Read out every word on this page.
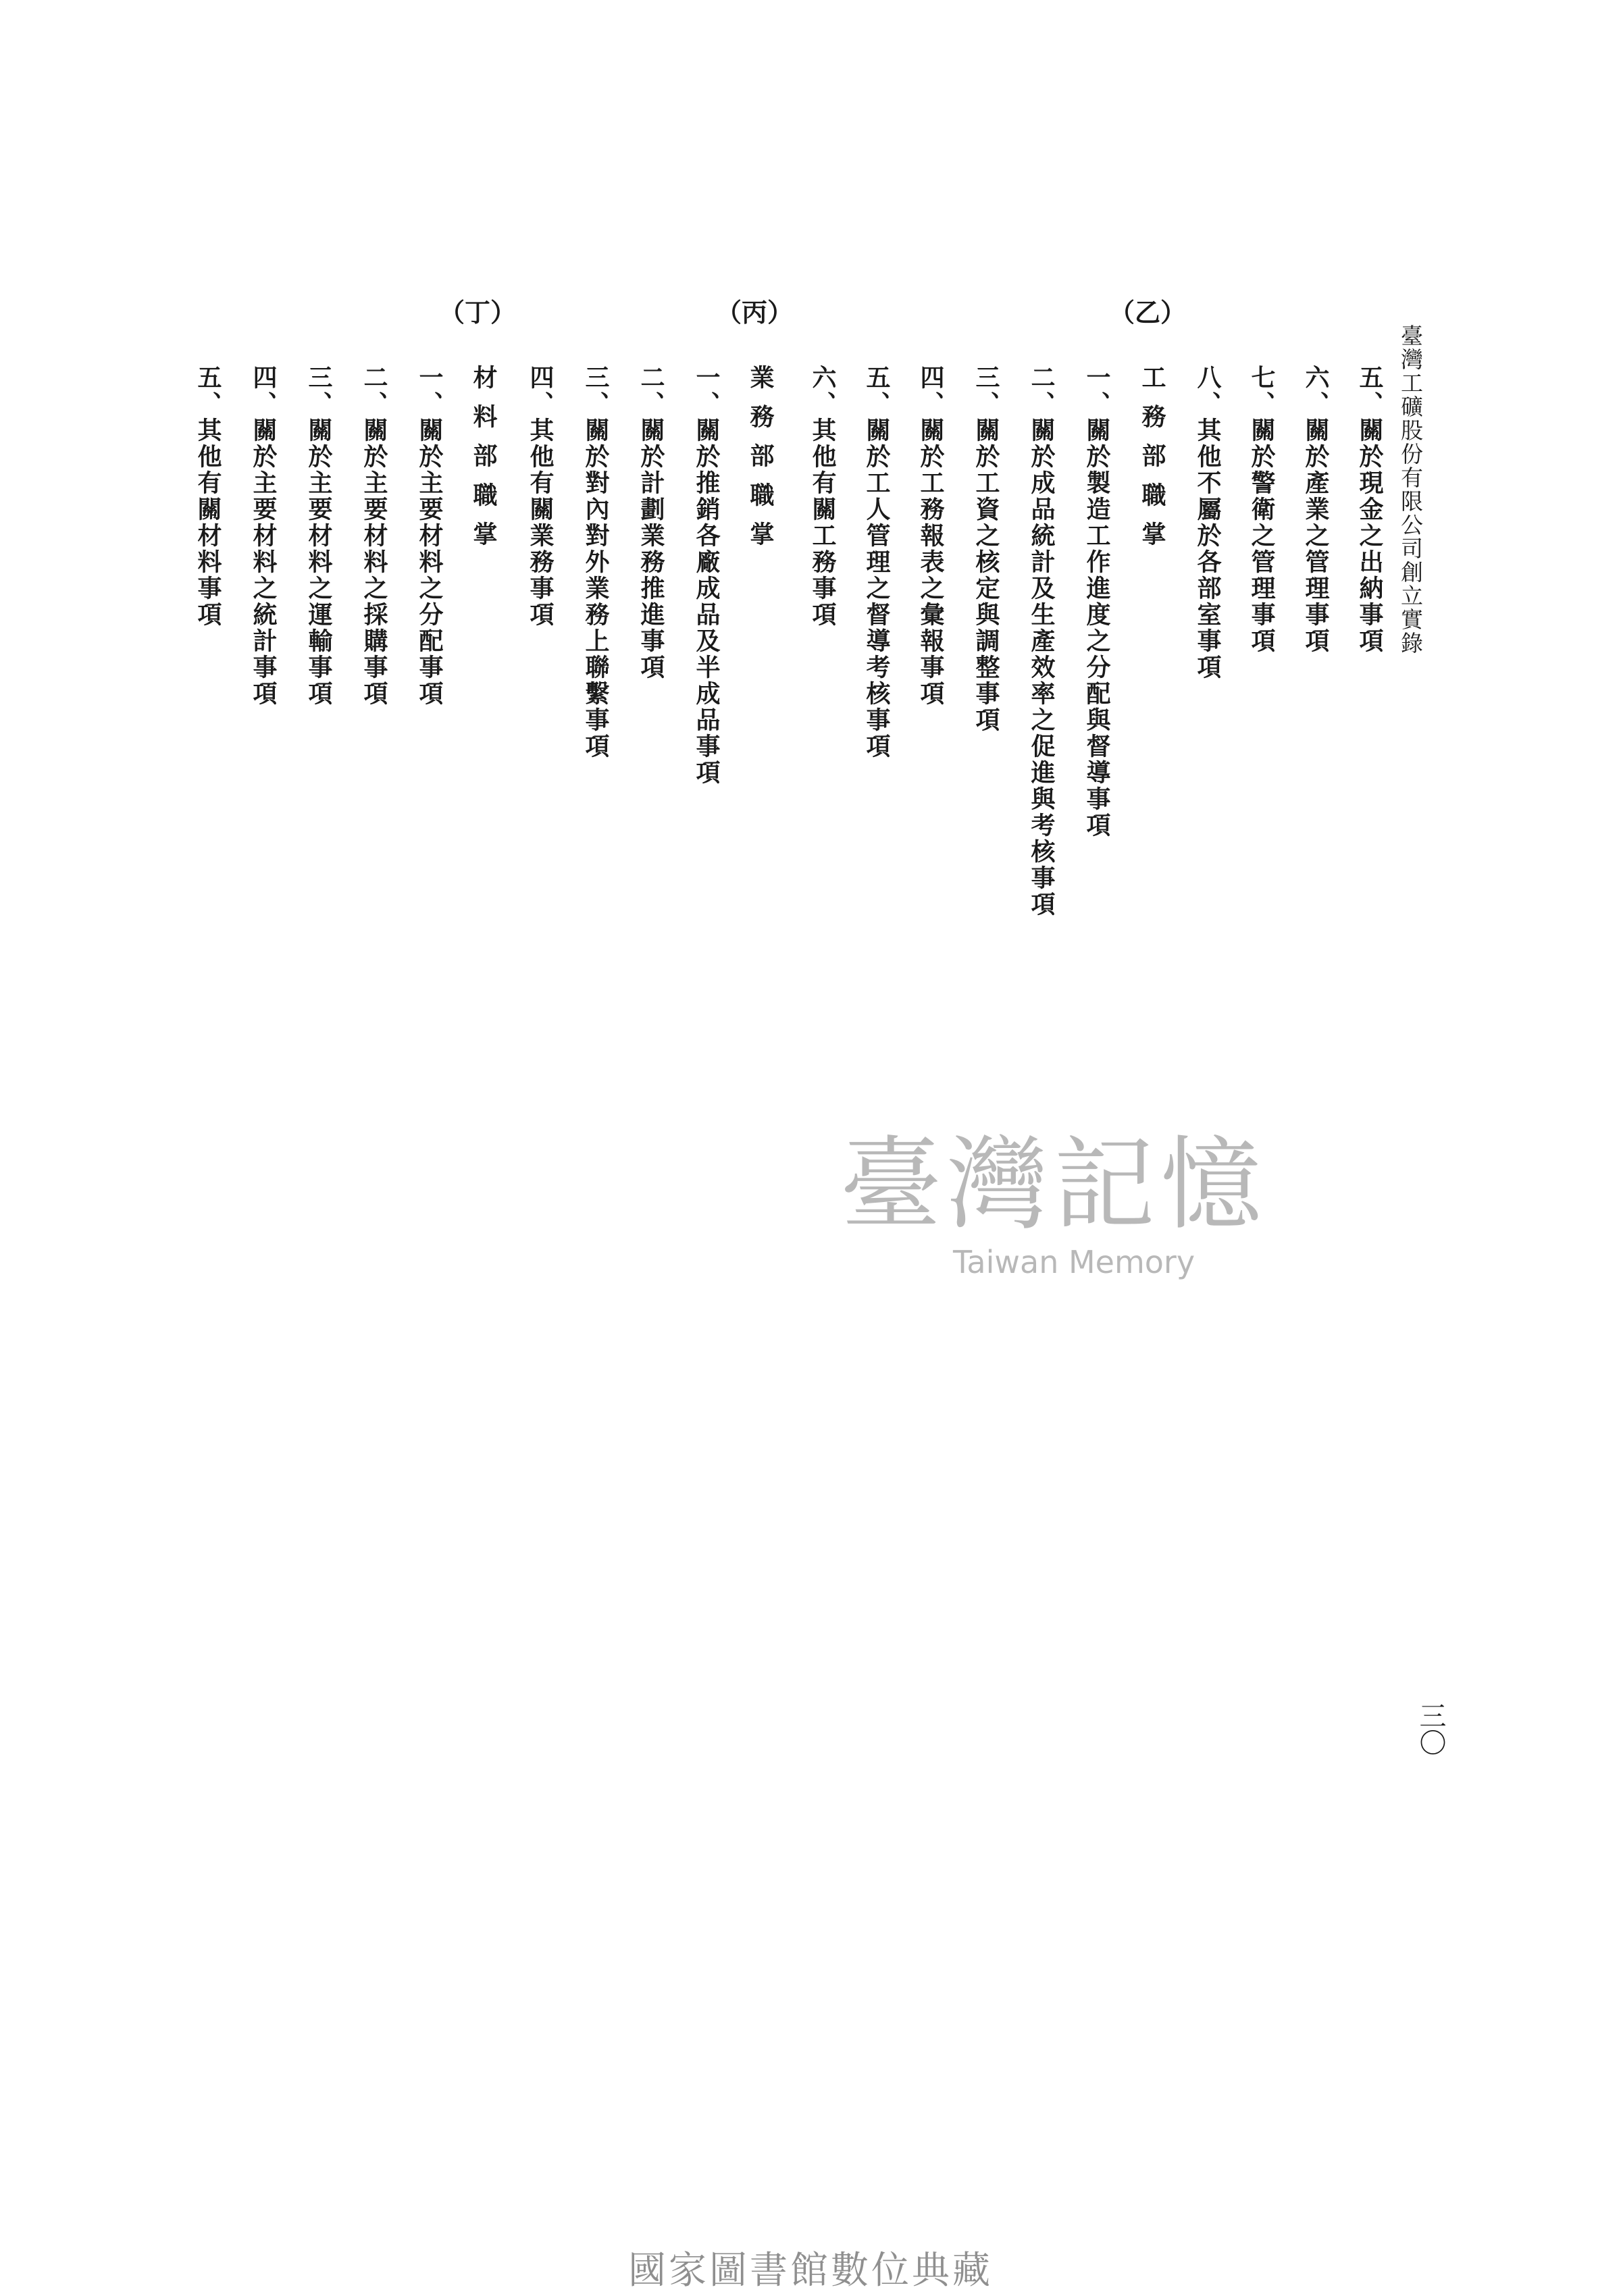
臺灣工礦股份有限公司創立實錄
五、關於現金之出納事項
六、關於產業之管理事項
七、關於警衛之管理事項
八、其他不屬於各部室事項
（乙）
工務部職掌
一、關於製造工作進度之分配與督導事項
二、關於成品統計及生產效率之促進與考核事項
三、關於工資之核定與調整事項
四、關於工務報表之彙報事項
五、關於工人管理之督導考核事項
六、其他有關工務事項
（丙）
業務部職掌
一、關於推銷各廠成品及半成品事項
二、關於計劃業務推進事項
三、關於對內對外業務上聯繫事項
四、其他有關業務事項
（丁）
材料部職掌
一、關於主要材料之分配事項
二、關於主要材料之採購事項
三、關於主要材料之運輸事項
四、關於主要材料之統計事項
五、其他有關材料事項
三〇
臺灣記憶
Taiwan Memory
國家圖書館數位典藏
